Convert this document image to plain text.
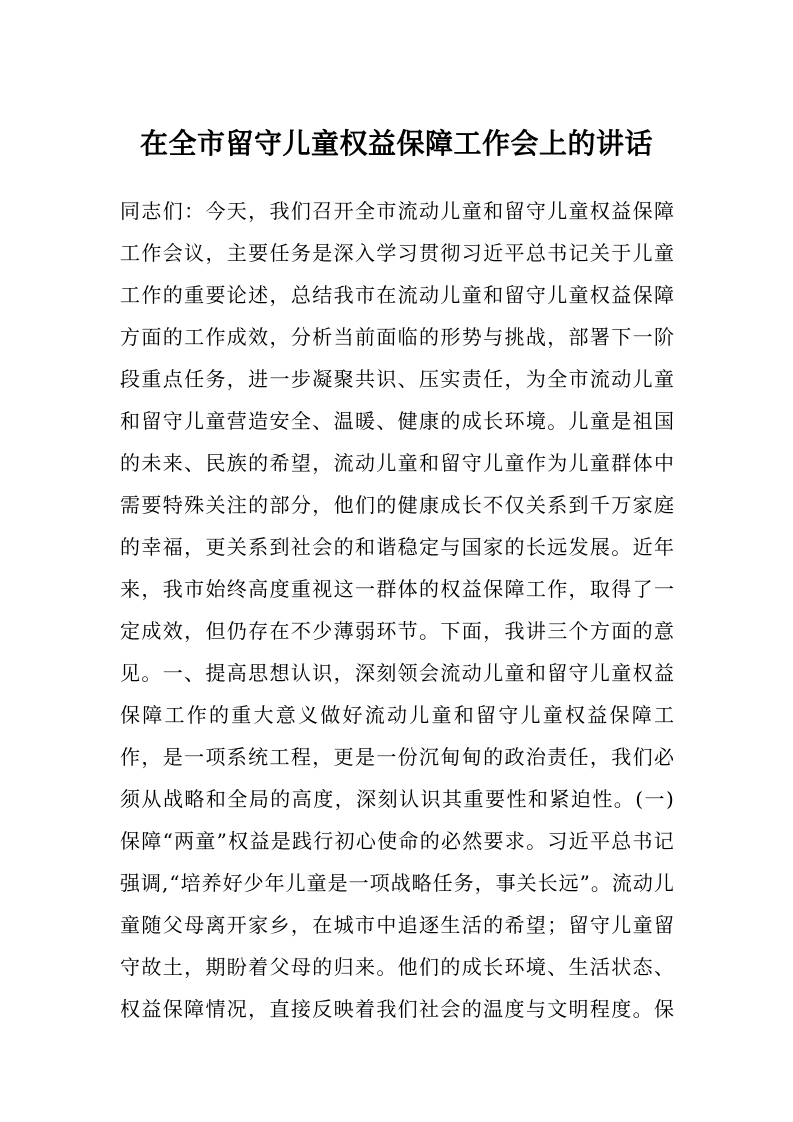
在全市留守儿童权益保障工作会上的讲话
同 志 们 ： 今 天 ， 我 们 召 开 全 市 流 动 儿 童 和 留 守 儿 童 权 益 保 障
工 作 会 议 ， 主 要 任 务 是 深 入 学 习 贯 彻 习 近 平 总 书 记 关 于 儿 童
工 作 的 重 要 论 述 ， 总 结 我 市 在 流 动 儿 童 和 留 守 儿 童 权 益 保 障
方 面 的 工 作 成 效 ， 分 析 当 前 面 临 的 形 势 与 挑 战 ， 部 署 下 一 阶
段 重 点 任 务 ， 进 一 步 凝 聚 共 识 、 压 实 责 任 ， 为 全 市 流 动 儿 童
和 留 守 儿 童 营 造 安 全 、 温 暖 、 健 康 的 成 长 环 境 。 儿 童 是 祖 国
的 未 来 、 民 族 的 希 望 ， 流 动 儿 童 和 留 守 儿 童 作 为 儿 童 群 体 中
需 要 特 殊 关 注 的 部 分 ， 他 们 的 健 康 成 长 不 仅 关 系 到 千 万 家 庭
的 幸 福 ， 更 关 系 到 社 会 的 和 谐 稳 定 与 国 家 的 长 远 发 展 。 近 年
来 ， 我 市 始 终 高 度 重 视 这 一 群 体 的 权 益 保 障 工 作 ， 取 得 了 一
定 成 效 ， 但 仍 存 在 不 少 薄 弱 环 节 。 下 面 ， 我 讲 三 个 方 面 的 意
见 。 一 、 提 高 思 想 认 识 ， 深 刻 领 会 流 动 儿 童 和 留 守 儿 童 权 益
保 障 工 作 的 重 大 意 义 做 好 流 动 儿 童 和 留 守 儿 童 权 益 保 障 工
作 ， 是 一 项 系 统 工 程 ， 更 是 一 份 沉 甸 甸 的 政 治 责 任 ， 我 们 必
须 从 战 略 和 全 局 的 高 度 ， 深 刻 认 识 其 重 要 性 和 紧 迫 性 。 ( 一 )
保 障 “ 两 童 ” 权 益 是 践 行 初 心 使 命 的 必 然 要 求 。 习 近 平 总 书 记
强 调 , “ 培 养 好 少 年 儿 童 是 一 项 战 略 任 务 ， 事 关 长 远 ” 。 流 动 儿
童 随 父 母 离 开 家 乡 ， 在 城 市 中 追 逐 生 活 的 希 望 ； 留 守 儿 童 留
守 故 土 ， 期 盼 着 父 母 的 归 来 。 他 们 的 成 长 环 境 、 生 活 状 态 、
权 益 保 障 情 况 ， 直 接 反 映 着 我 们 社 会 的 温 度 与 文 明 程 度 。 保
